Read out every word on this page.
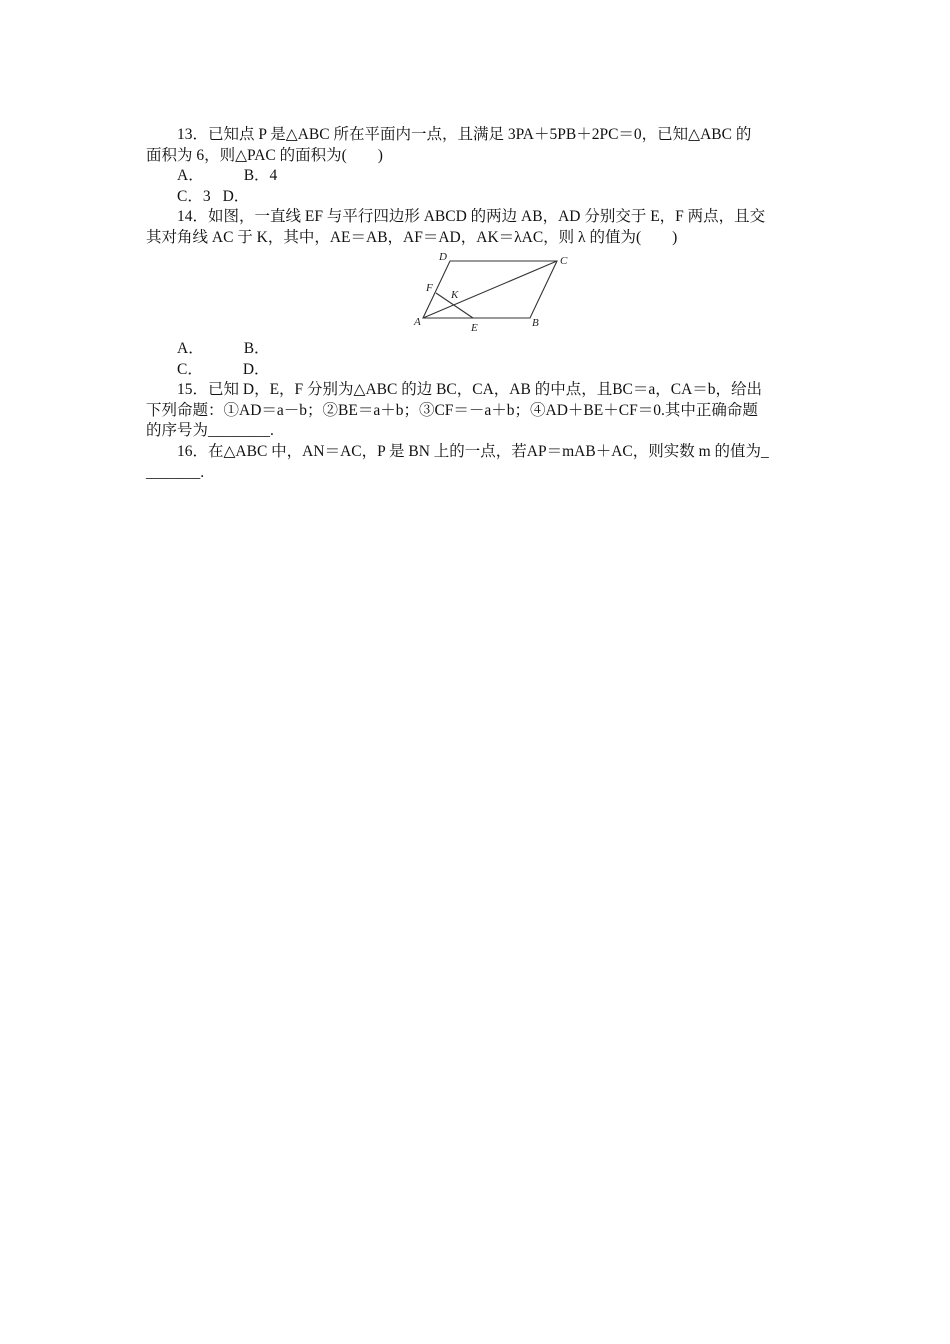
13．已知点 P 是△ABC 所在平面内一点，且满足 3PA＋5PB＋2PC＝0，已知△ABC 的

面积为 6，则△PAC 的面积为(　　)

A．	B．4

C．3 D．

14．如图，一直线 EF 与平行四边形 ABCD 的两边 AB，AD 分别交于 E，F 两点，且交

其对角线 AC 于 K，其中，AE＝AB，AF＝AD，AK＝λAC，则 λ 的值为(　　)

A	B
C
D
E
F
K

A．	B．

C．	D．

15．已知 D，E，F 分别为△ABC 的边 BC，CA，AB 的中点，且BC＝a，CA＝b，给出

下列命题：①AD＝a－b；②BE＝a＋b；③CF＝－a＋b；④AD＋BE＋CF＝0.其中正确命题

的序号为________.

16．在△ABC 中，AN＝AC，P 是 BN 上的一点，若AP＝mAB＋AC，则实数 m 的值为_

_______.
